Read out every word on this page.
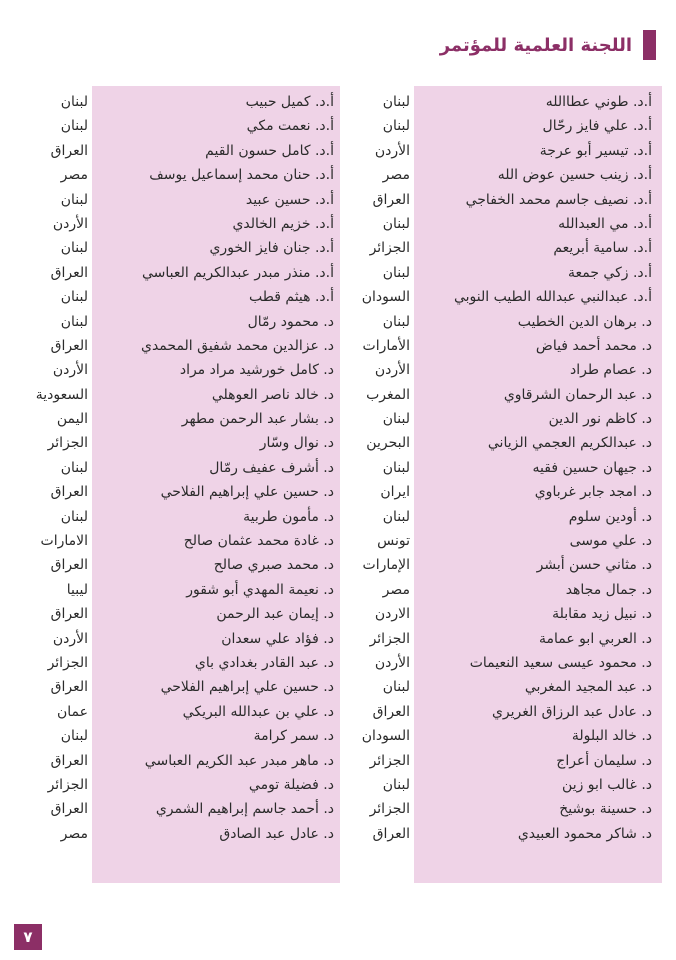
اللجنة العلمية للمؤتمر
أ.د. طوني عطاالله
أ.د. علي فايز رحّال
أ.د. تيسير أبو عرجة
أ.د. زينب حسين عوض الله
أ.د. نصيف جاسم محمد الخفاجي
أ.د. مي العبدالله
أ.د. سامية أبريعم
أ.د. زكي جمعة
أ.د. عبدالنبي عبدالله الطيب النوبي
د. برهان الدين الخطيب
د. محمد أحمد فياض
د. عصام طراد
د. عبد الرحمان الشرقاوي
د. كاظم نور الدين
د. عبدالكريم العجمي الزياني
د. جيهان حسين فقيه
د. امجد جابر غرباوي
د. أودين سلوم
د. علي موسى
د. مثاني حسن أبشر
د. جمال مجاهد
د. نبيل زيد مقابلة
د. العربي ابو عمامة
د. محمود عيسى سعيد النعيمات
د. عبد المجيد المغربي
د. عادل عبد الرزاق الغريري
د. خالد البلولة
د. سليمان أعراج
د. غالب ابو زين
د. حسينة بوشيخ
د. شاكر محمود العبيدي
لبنان
لبنان
الأردن
مصر
العراق
لبنان
الجزائر
لبنان
السودان
لبنان
الأمارات
الأردن
المغرب
لبنان
البحرين
لبنان
ايران
لبنان
تونس
الإمارات
مصر
الاردن
الجزائر
الأردن
لبنان
العراق
السودان
الجزائر
لبنان
الجزائر
العراق
أ.د. كميل حبيب
أ.د. نعمت مكي
أ.د. كامل حسون القيم
أ.د. حنان محمد إسماعيل يوسف
أ.د. حسين عبيد
أ.د. خزيم الخالدي
أ.د. جنان فايز الخوري
أ.د. منذر مبدر عبدالكريم العباسي
أ.د. هيثم قطب
د. محمود رمّال
د. عزالدين محمد شفيق المحمدي
د. كامل خورشيد مراد مراد
د. خالد ناصر العوهلي
د. بشار عبد الرحمن مطهر
د. نوال وسّار
د. أشرف عفيف رمّال
د. حسين علي إبراهيم الفلاحي
د. مأمون طربية
د. غادة محمد عثمان صالح
د. محمد صبري صالح
د. نعيمة المهدي أبو شقور
د. إيمان عبد الرحمن
د. فؤاد علي سعدان
د. عبد القادر بغدادي باي
د. حسين علي إبراهيم الفلاحي
د. علي بن عبدالله البريكي
د. سمر كرامة
د. ماهر مبدر عبد الكريم العباسي
د. فضيلة تومي
د. أحمد جاسم إبراهيم الشمري
د. عادل عبد الصادق
لبنان
لبنان
العراق
مصر
لبنان
الأردن
لبنان
العراق
لبنان
لبنان
العراق
الأردن
السعودية
اليمن
الجزائر
لبنان
العراق
لبنان
الامارات
العراق
ليبيا
العراق
الأردن
الجزائر
العراق
عمان
لبنان
العراق
الجزائر
العراق
مصر
٧
